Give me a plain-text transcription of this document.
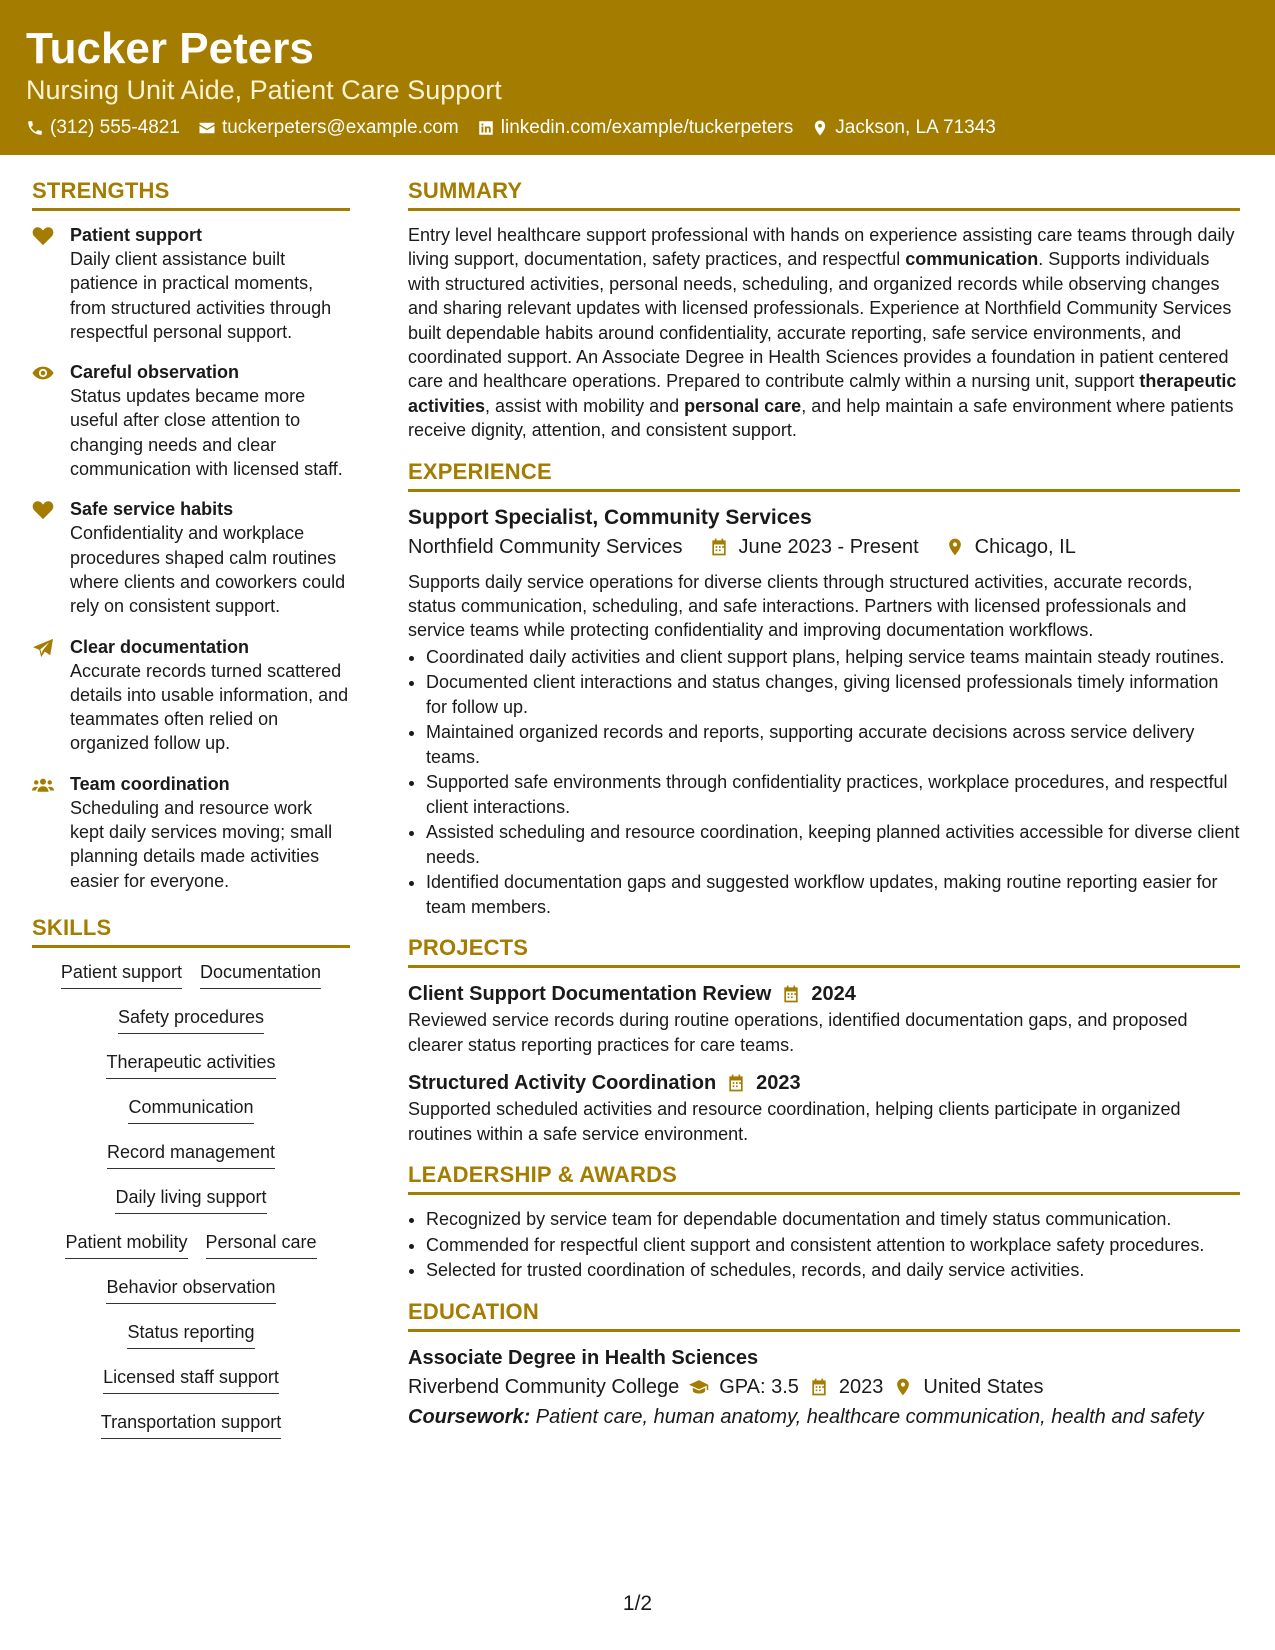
Tucker Peters
Nursing Unit Aide, Patient Care Support
(312) 555-4821 tuckerpeters@example.com linkedin.com/example/tuckerpeters Jackson, LA 71343
STRENGTHS
Patient support
Daily client assistance built patience in practical moments, from structured activities through respectful personal support.
Careful observation
Status updates became more useful after close attention to changing needs and clear communication with licensed staff.
Safe service habits
Confidentiality and workplace procedures shaped calm routines where clients and coworkers could rely on consistent support.
Clear documentation
Accurate records turned scattered details into usable information, and teammates often relied on organized follow up.
Team coordination
Scheduling and resource work kept daily services moving; small planning details made activities easier for everyone.
SKILLS
Patient support Documentation
Safety procedures
Therapeutic activities
Communication
Record management
Daily living support
Patient mobility Personal care
Behavior observation
Status reporting
Licensed staff support
Transportation support
SUMMARY

Entry level healthcare support professional with hands on experience assisting care teams through daily living support, documentation, safety practices, and respectful communication. Supports individuals with structured activities, personal needs, scheduling, and organized records while observing changes and sharing relevant updates with licensed professionals. Experience at Northfield Community Services built dependable habits around confidentiality, accurate reporting, safe service environments, and coordinated support. An Associate Degree in Health Sciences provides a foundation in patient centered care and healthcare operations. Prepared to contribute calmly within a nursing unit, support therapeutic activities, assist with mobility and personal care, and help maintain a safe environment where patients receive dignity, attention, and consistent support.

EXPERIENCE
Support Specialist, Community Services
Northfield Community Services	June 2023 - Present	Chicago, IL

Supports daily service operations for diverse clients through structured activities, accurate records, status communication, scheduling, and safe interactions. Partners with licensed professionals and service teams while protecting confidentiality and improving documentation workflows.

• Coordinated daily activities and client support plans, helping service teams maintain steady routines.
• Documented client interactions and status changes, giving licensed professionals timely information for follow up.
• Maintained organized records and reports, supporting accurate decisions across service delivery teams.
• Supported safe environments through confidentiality practices, workplace procedures, and respectful client interactions.
• Assisted scheduling and resource coordination, keeping planned activities accessible for diverse client needs.
• Identified documentation gaps and suggested workflow updates, making routine reporting easier for team members.
PROJECTS
Client Support Documentation Review 2024

Reviewed service records during routine operations, identified documentation gaps, and proposed clearer status reporting practices for care teams.

Structured Activity Coordination 2023

Supported scheduled activities and resource coordination, helping clients participate in organized routines within a safe service environment.

LEADERSHIP & AWARDS
• Recognized by service team for dependable documentation and timely status communication.
• Commended for respectful client support and consistent attention to workplace safety procedures.
• Selected for trusted coordination of schedules, records, and daily service activities.
EDUCATION
Associate Degree in Health Sciences
Riverbend Community College GPA: 3.5 2023 United States
Coursework: Patient care, human anatomy, healthcare communication, health and safety
1/2
